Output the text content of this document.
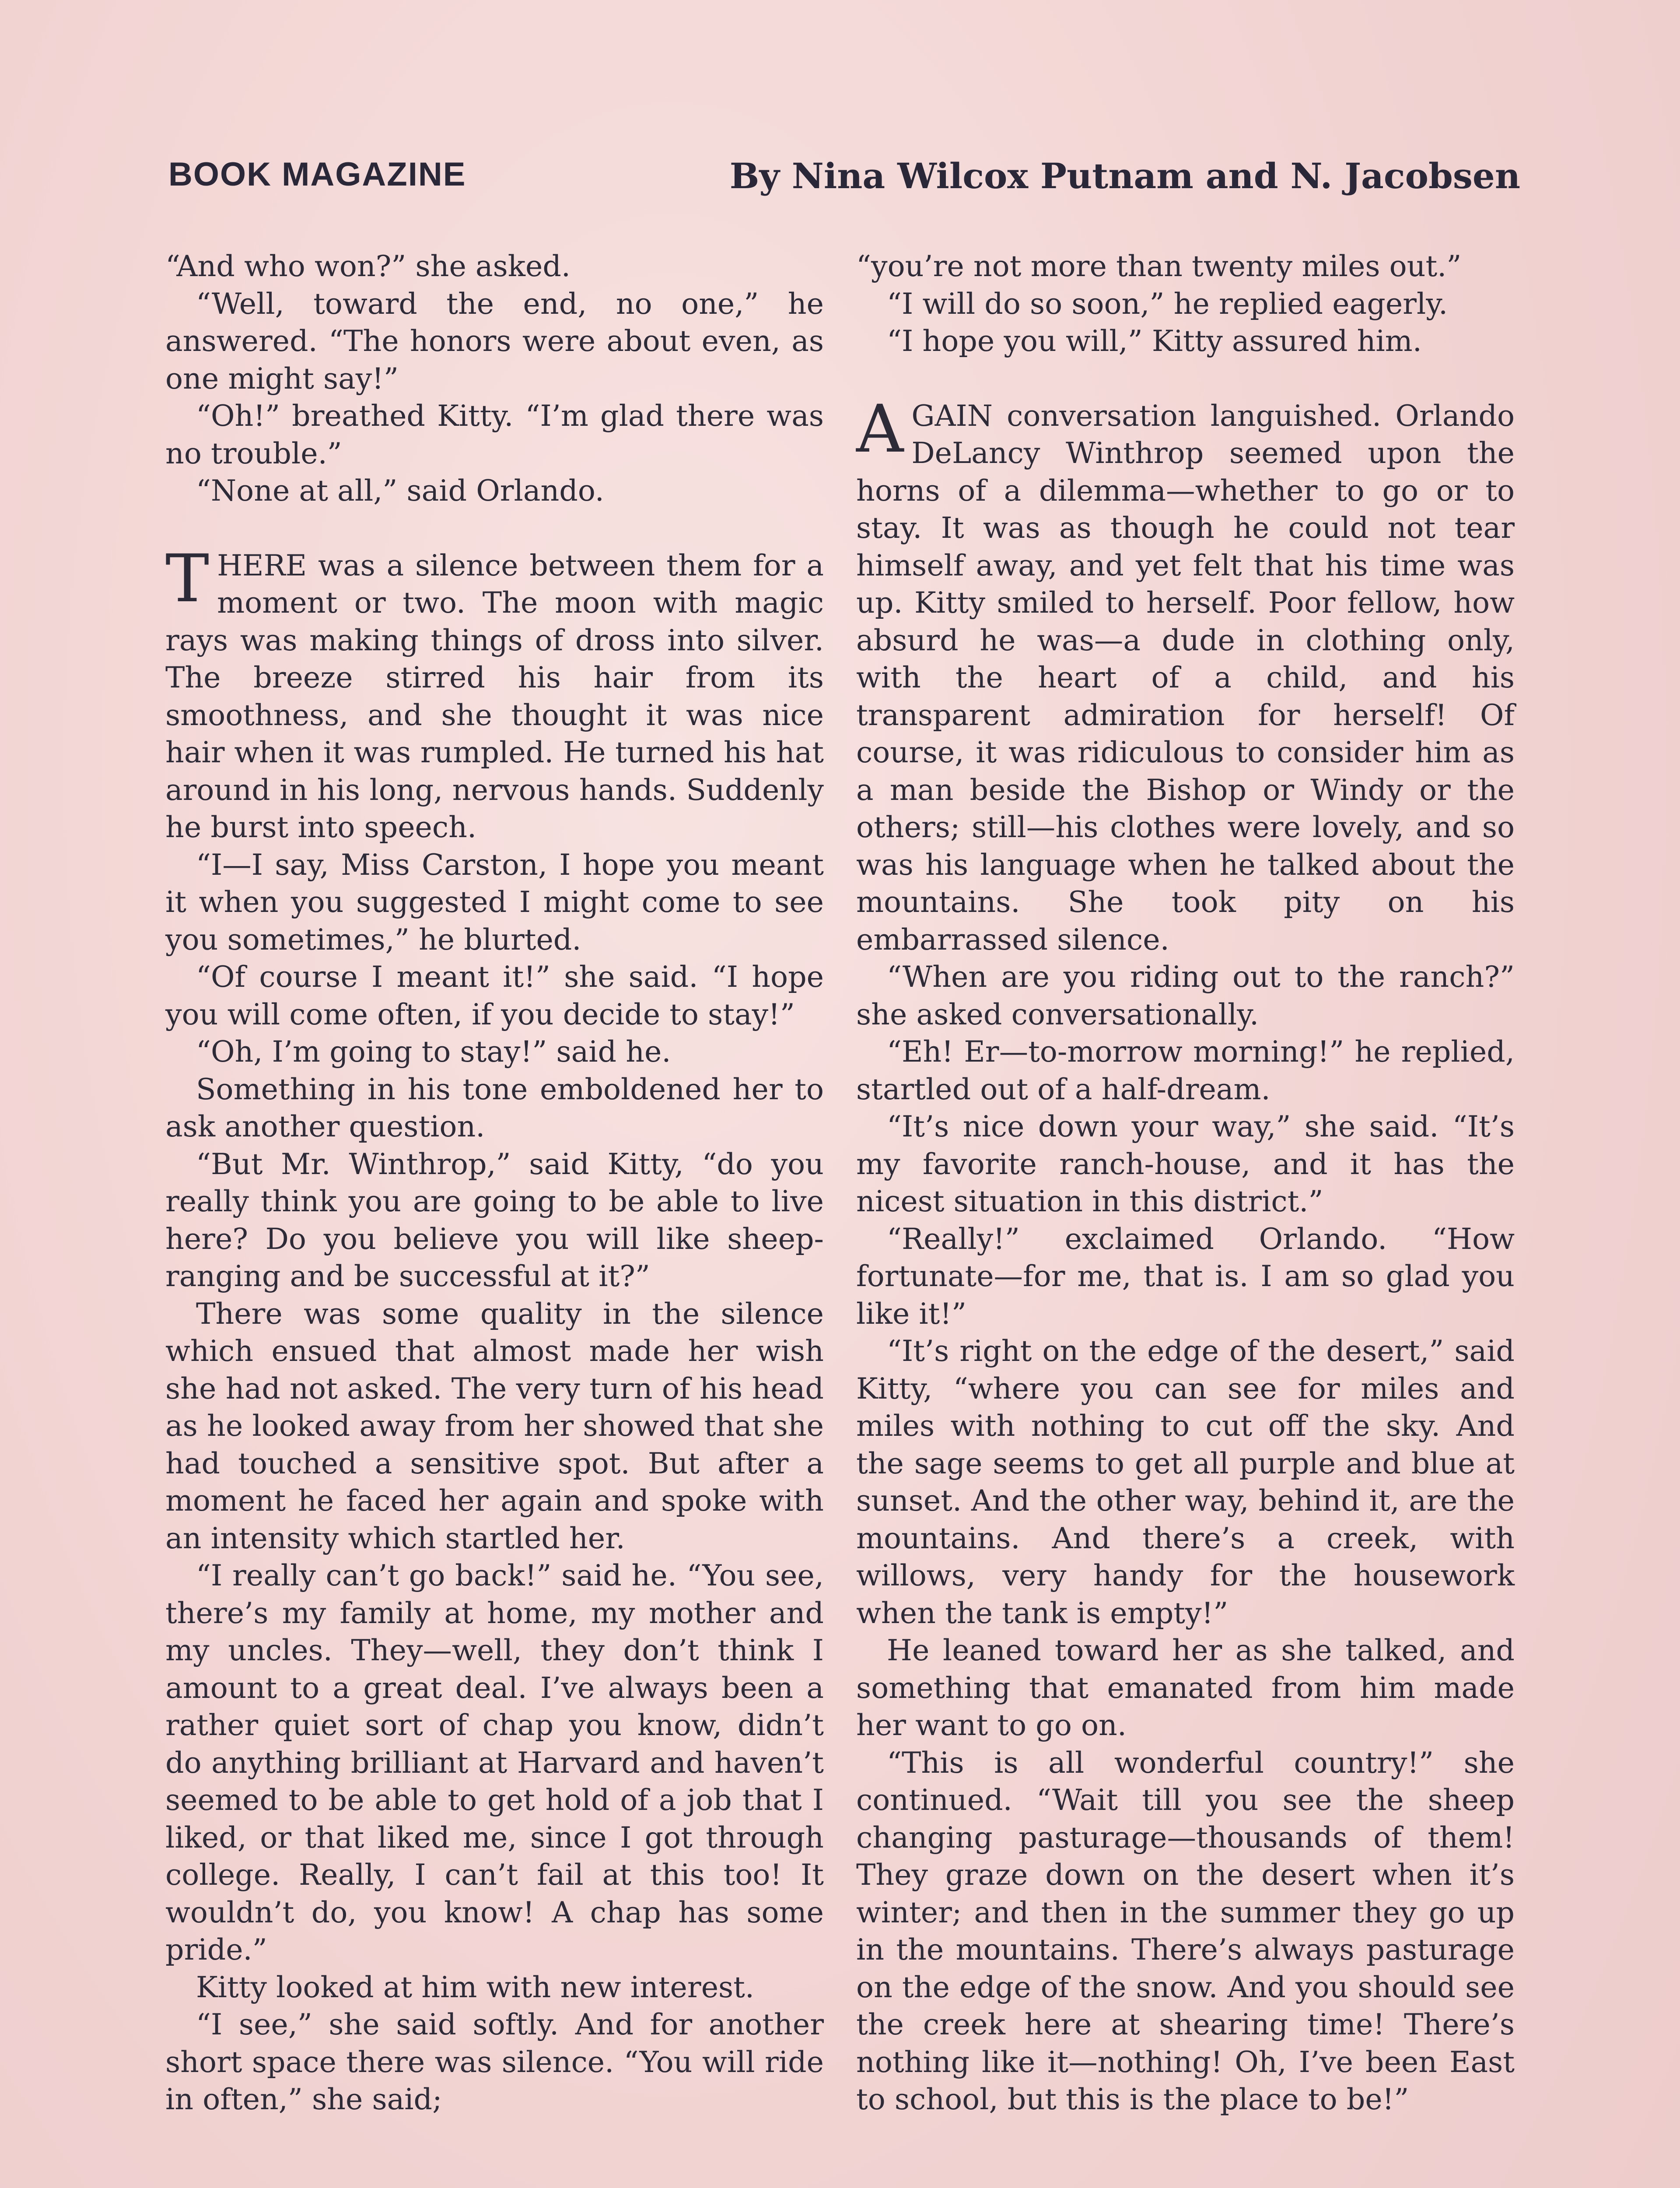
BOOK MAGAZINE	By Nina Wilcox Putnam and N. Jacobsen

“And who won?” she asked.

“Well, toward the end, no one,” he answered. “The honors were about even, as one might say!”

“Oh!” breathed Kitty. “I’m glad there was no trouble.”

“None at all,” said Orlando.

THERE was a silence between them for a moment or two. The moon with magic rays was making things of dross into silver. The breeze stirred his hair from its smoothness, and she thought it was nice hair when it was rumpled. He turned his hat around in his long, nervous hands. Suddenly he burst into speech.

“I—I say, Miss Carston, I hope you meant it when you suggested I might come to see you sometimes,” he blurted.

“Of course I meant it!” she said. “I hope you will come often, if you decide to stay!”

“Oh, I’m going to stay!” said he.

Something in his tone emboldened her to ask another question.

“But Mr. Winthrop,” said Kitty, “do you really think you are going to be able to live here? Do you believe you will like sheep-ranging and be successful at it?”

There was some quality in the silence which ensued that almost made her wish she had not asked. The very turn of his head as he looked away from her showed that she had touched a sensitive spot. But after a moment he faced her again and spoke with an intensity which startled her.

“I really can’t go back!” said he. “You see, there’s my family at home, my mother and my uncles. They—well, they don’t think I amount to a great deal. I’ve always been a rather quiet sort of chap you know, didn’t do anything brilliant at Harvard and haven’t seemed to be able to get hold of a job that I liked, or that liked me, since I got through college. Really, I can’t fail at this too! It wouldn’t do, you know! A chap has some pride.”

Kitty looked at him with new interest.

“I see,” she said softly. And for another short space there was silence. “You will ride in often,” she said;

“you’re not more than twenty miles out.”

“I will do so soon,” he replied eagerly.

“I hope you will,” Kitty assured him.

AGAIN conversation languished. Orlando DeLancy Winthrop seemed upon the horns of a dilemma—whether to go or to stay. It was as though he could not tear himself away, and yet felt that his time was up. Kitty smiled to herself. Poor fellow, how absurd he was—a dude in clothing only, with the heart of a child, and his transparent admiration for herself! Of course, it was ridiculous to consider him as a man beside the Bishop or Windy or the others; still—his clothes were lovely, and so was his language when he talked about the mountains. She took pity on his embarrassed silence.

“When are you riding out to the ranch?” she asked conversationally.

“Eh! Er—to-morrow morning!” he replied, startled out of a half-dream.

“It’s nice down your way,” she said. “It’s my favorite ranch-house, and it has the nicest situation in this district.”

“Really!” exclaimed Orlando. “How fortunate—for me, that is. I am so glad you like it!”

“It’s right on the edge of the desert,” said Kitty, “where you can see for miles and miles with nothing to cut off the sky. And the sage seems to get all purple and blue at sunset. And the other way, behind it, are the mountains. And there’s a creek, with willows, very handy for the housework when the tank is empty!”

He leaned toward her as she talked, and something that emanated from him made her want to go on.

“This is all wonderful country!” she continued. “Wait till you see the sheep changing pasturage—thousands of them! They graze down on the desert when it’s winter; and then in the summer they go up in the mountains. There’s always pasturage on the edge of the snow. And you should see the creek here at shearing time! There’s nothing like it—nothing! Oh, I’ve been East to school, but this is the place to be!”
